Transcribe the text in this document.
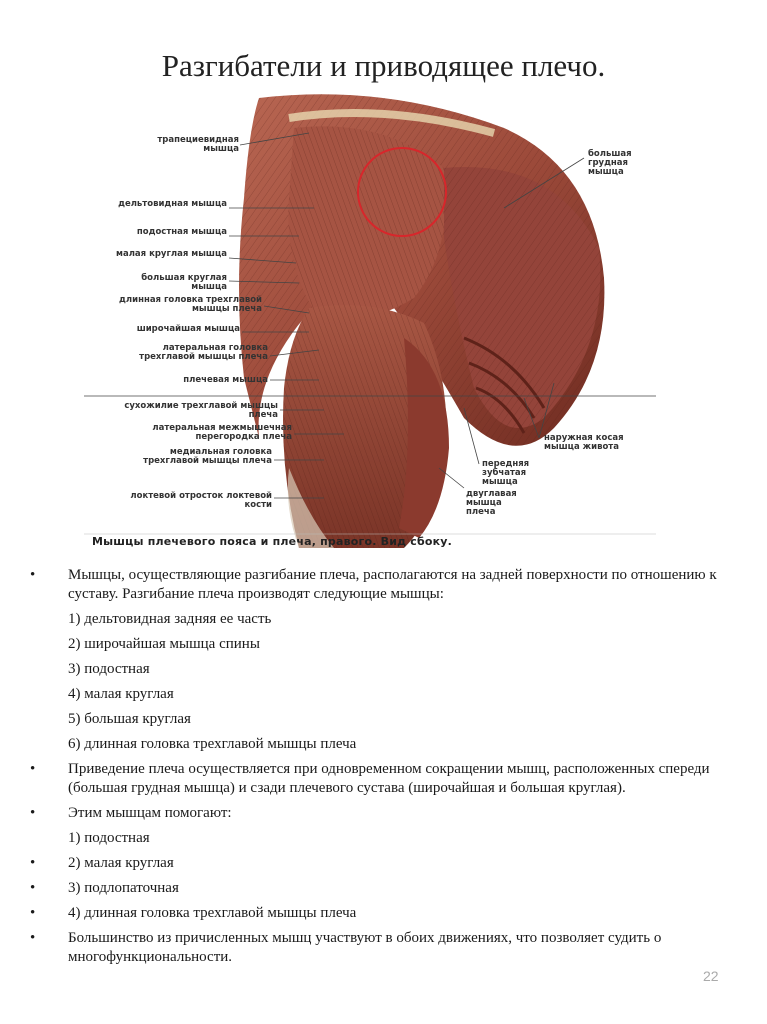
Разгибатели и приводящее плечо.
трапециевидная мышца
дельтовидная мышца
подостная мышца
малая круглая мышца
большая круглая мышца
длинная головка трехглавой мышцы плеча
широчайшая мышца
латеральная головка трехглавой мышцы плеча
плечевая мышца
сухожилие трехглавой мышцы плеча
латеральная межмышечная перегородка плеча
медиальная головка трехглавой мышцы плеча
локтевой отросток локтевой кости
большая грудная мышца
наружная косая мышца живота
передняя зубчатая мышца
двуглавая мышца плеча
Мышцы плечевого пояса и плеча, правого. Вид сбоку.
• Мышцы, осуществляющие разгибание плеча, располагаются на задней поверхности по отношению к суставу. Разгибание плеча производят следующие мышцы:
1) дельтовидная задняя ее часть
2) широчайшая мышца спины
3) подостная
4) малая круглая
5) большая круглая
6) длинная головка трехглавой мышцы плеча
• Приведение плеча осуществляется при одновременном сокращении мышц, расположенных спереди (большая грудная мышца) и сзади плечевого сустава (широчайшая и большая круглая).
• Этим мышцам помогают:
1) подостная
• 2) малая круглая
• 3) подлопаточная
• 4) длинная головка трехглавой мышцы плеча
• Большинство из причисленных мышц участвуют в обоих движениях, что позволяет судить о многофункциональности.
22
